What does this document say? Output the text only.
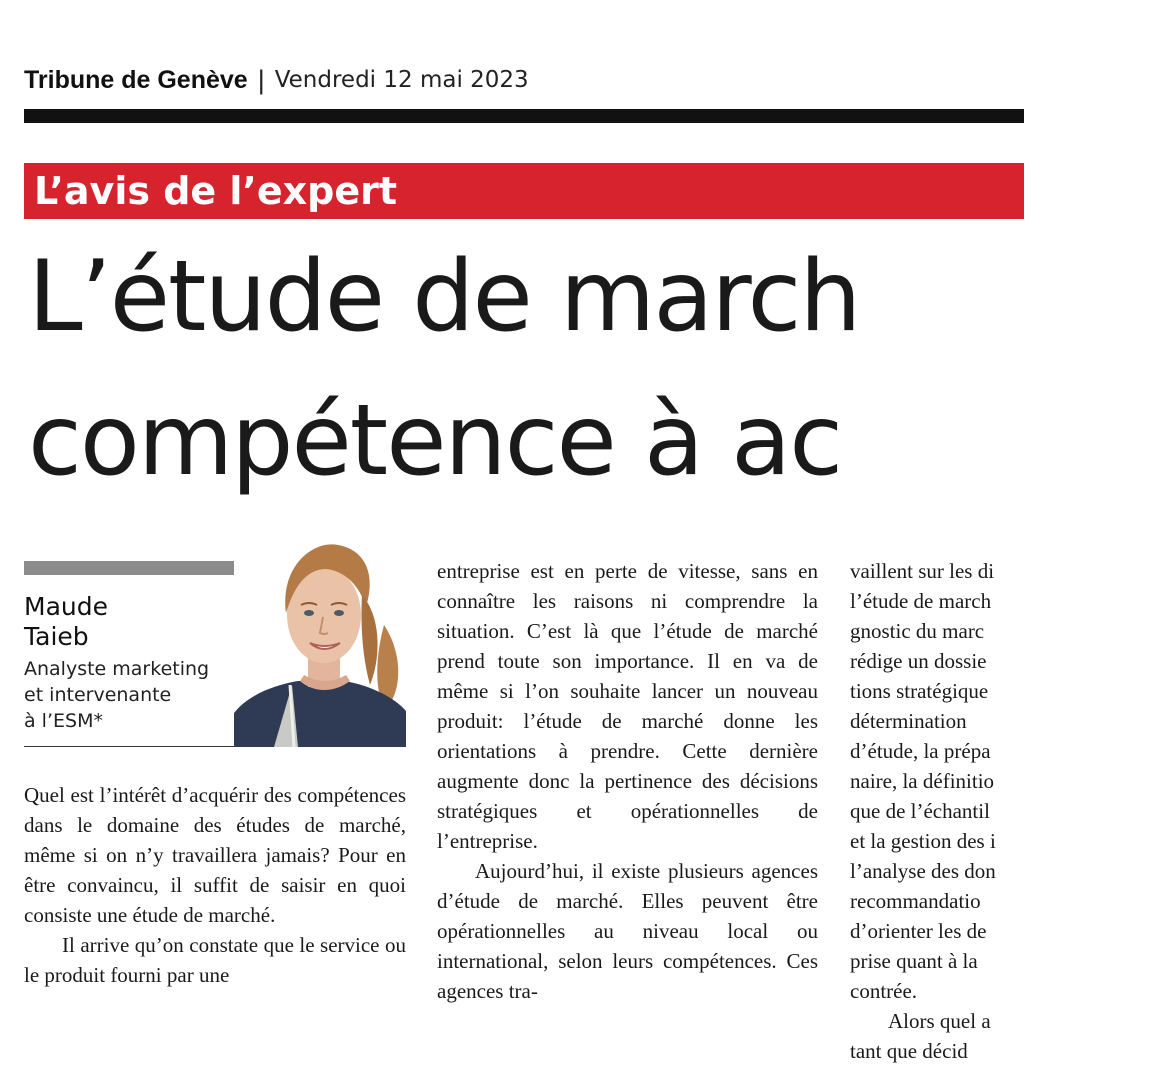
Tribune de Genève | Vendredi 12 mai 2023
L’avis de l’expert
L’étude de march
compétence à ac
Maude
Taieb
Analyste marketing
et intervenante
à l’ESM*

Quel est l’intérêt d’acquérir des compétences dans le domaine des études de marché, même si on n’y travaillera jamais? Pour en être convaincu, il suffit de saisir en quoi consiste une étude de marché.

Il arrive qu’on constate que le service ou le produit fourni par une

entreprise est en perte de vitesse, sans en connaître les raisons ni comprendre la situation. C’est là que l’étude de marché prend toute son importance. Il en va de même si l’on souhaite lancer un nouveau produit: l’étude de marché donne les orientations à prendre. Cette dernière augmente donc la pertinence des décisions stratégiques et opérationnelles de l’entreprise.

Aujourd’hui, il existe plusieurs agences d’étude de marché. Elles peuvent être opérationnelles au niveau local ou international, selon leurs compétences. Ces agences tra-

vaillent sur les di
l’étude de march
gnostic du marc
rédige un dossie
tions stratégique
détermination
d’étude, la prépa
naire, la définitio
que de l’échantil
et la gestion des i
l’analyse des don
recommandatio
d’orienter les de
prise quant à la
contrée.
Alors quel a
tant que décid
